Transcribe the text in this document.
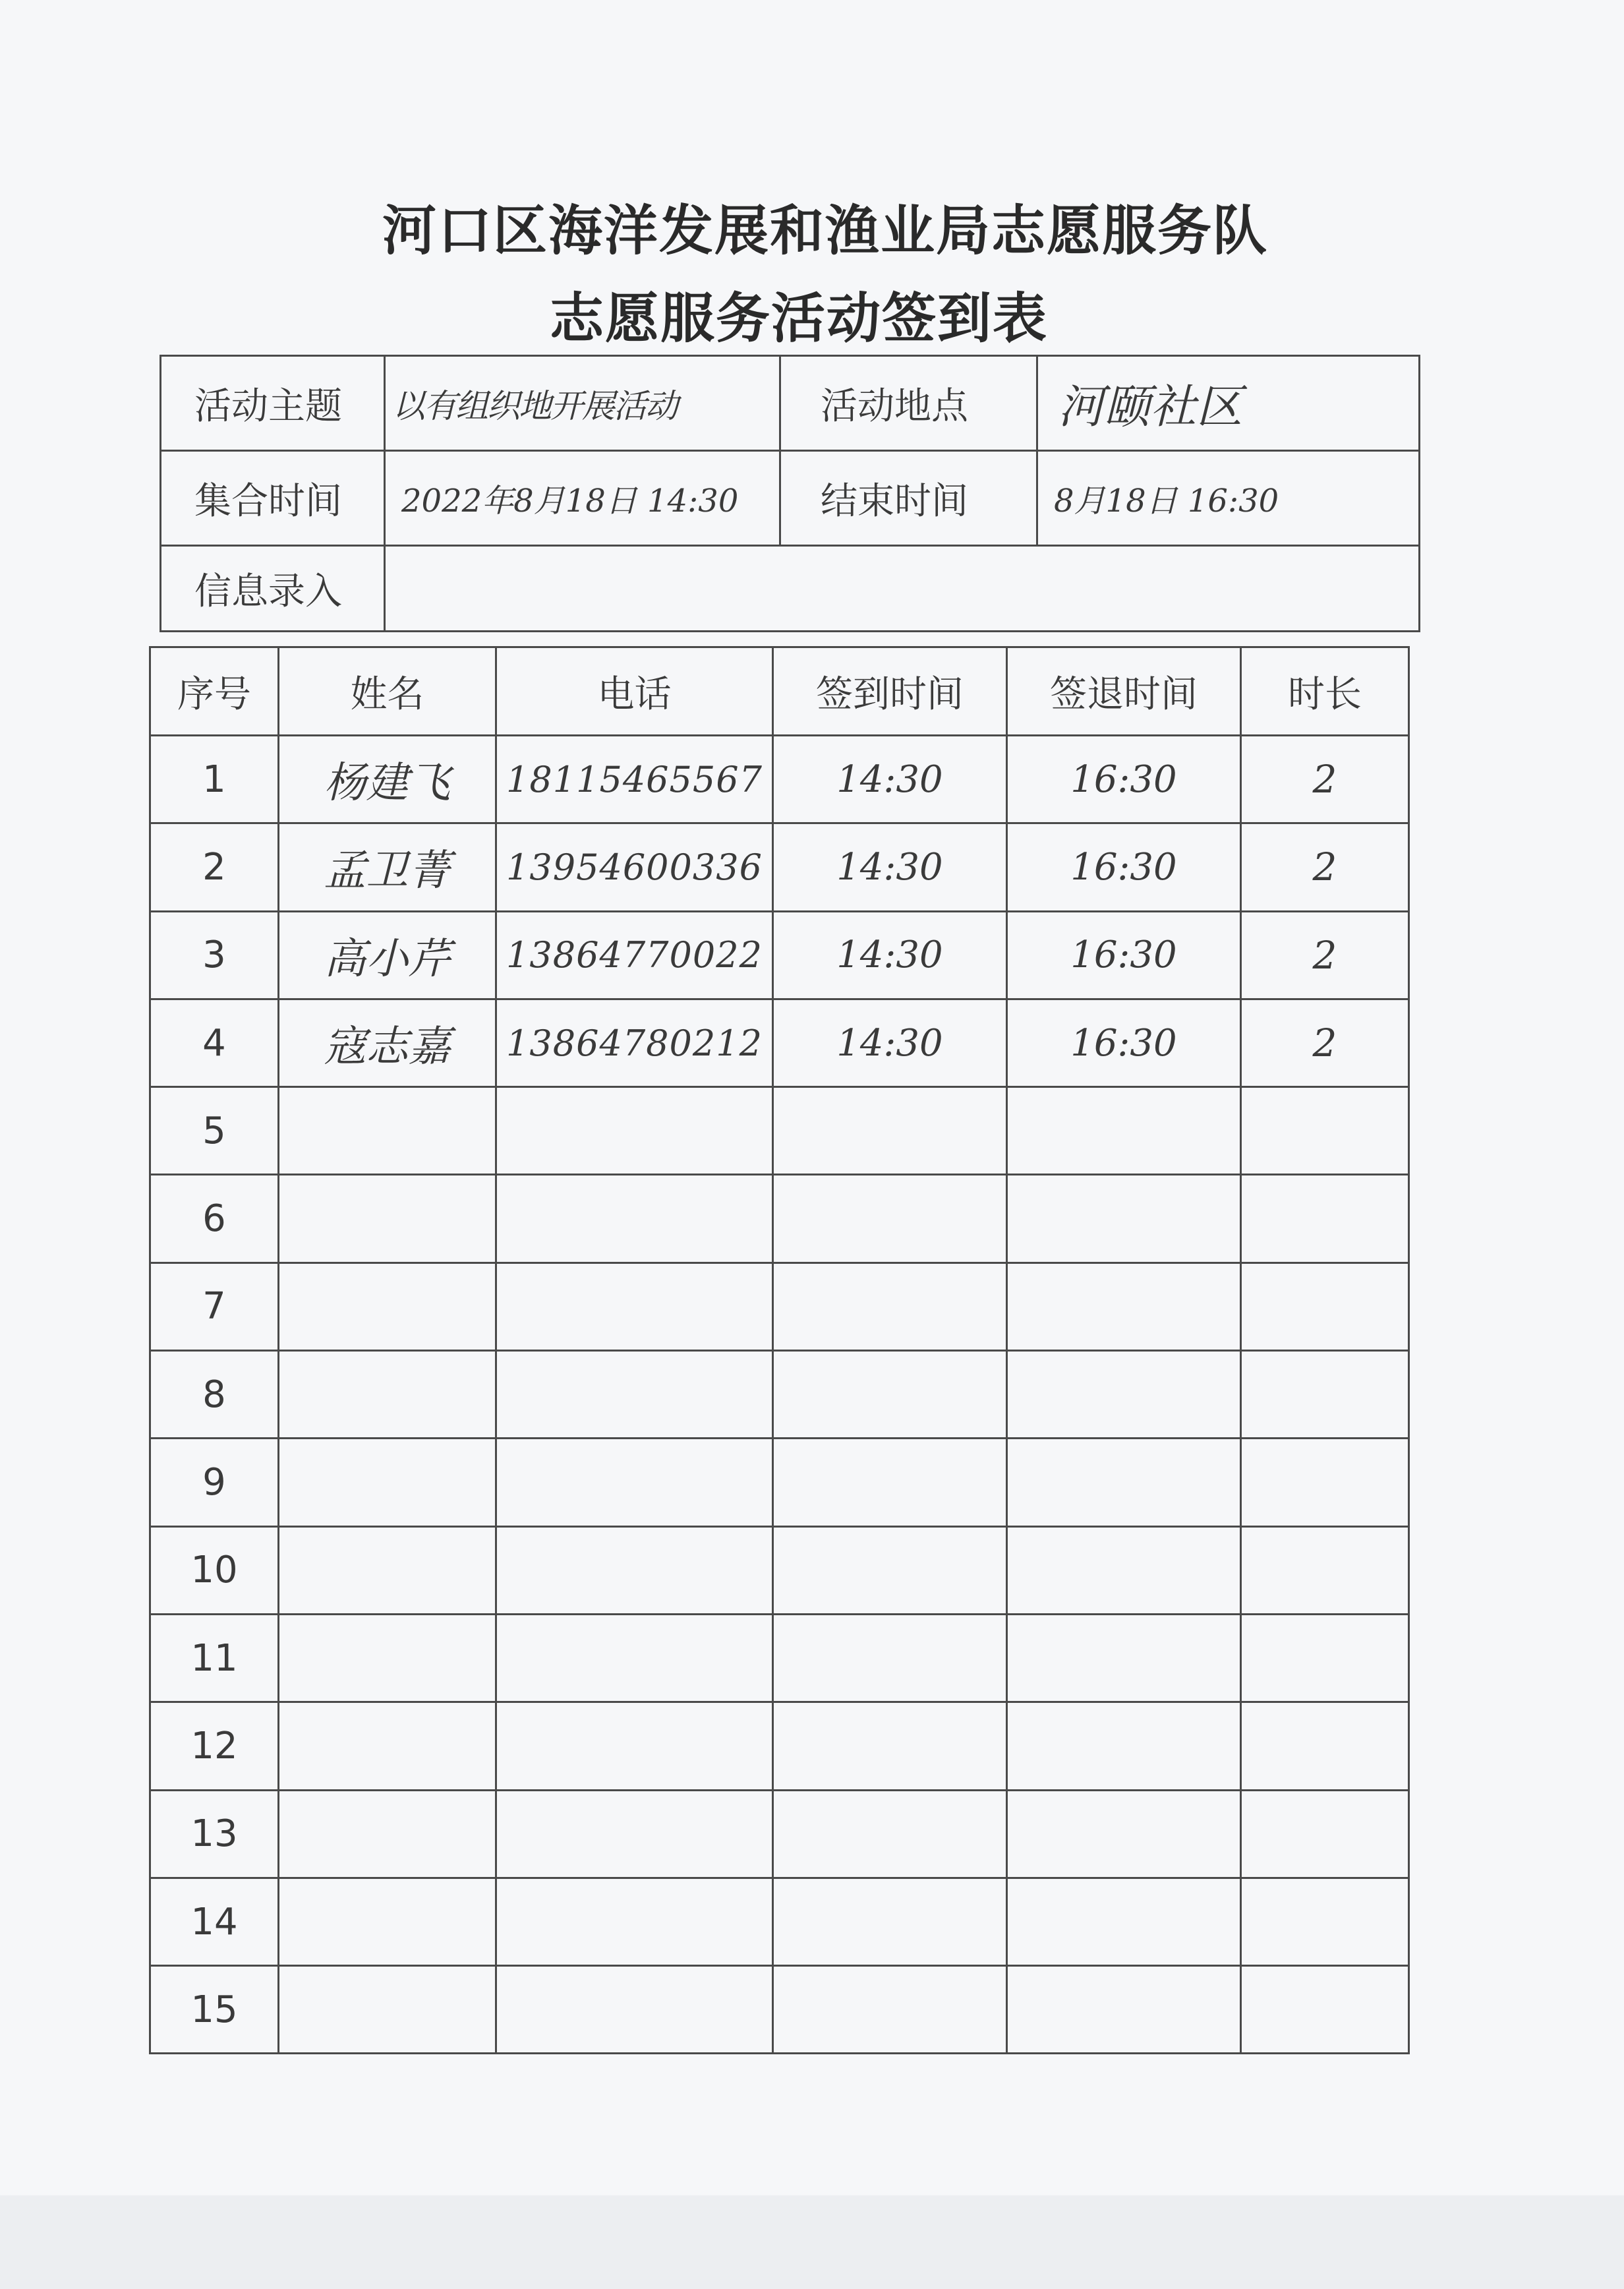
河口区海洋发展和渔业局志愿服务队
志愿服务活动签到表
活动主题	以有组织地开展活动	活动地点	河颐社区
集合时间	2022年8月18日 14:30	结束时间	8月18日 16:30
信息录入			
序号	姓名	电话	签到时间	签退时间	时长
1	杨建飞	18115465567	14:30	16:30	2
2	孟卫菁	13954600336	14:30	16:30	2
3	高小芹	13864770022	14:30	16:30	2
4	寇志嘉	13864780212	14:30	16:30	2
5					
6					
7					
8					
9					
10					
11					
12					
13					
14					
15					
